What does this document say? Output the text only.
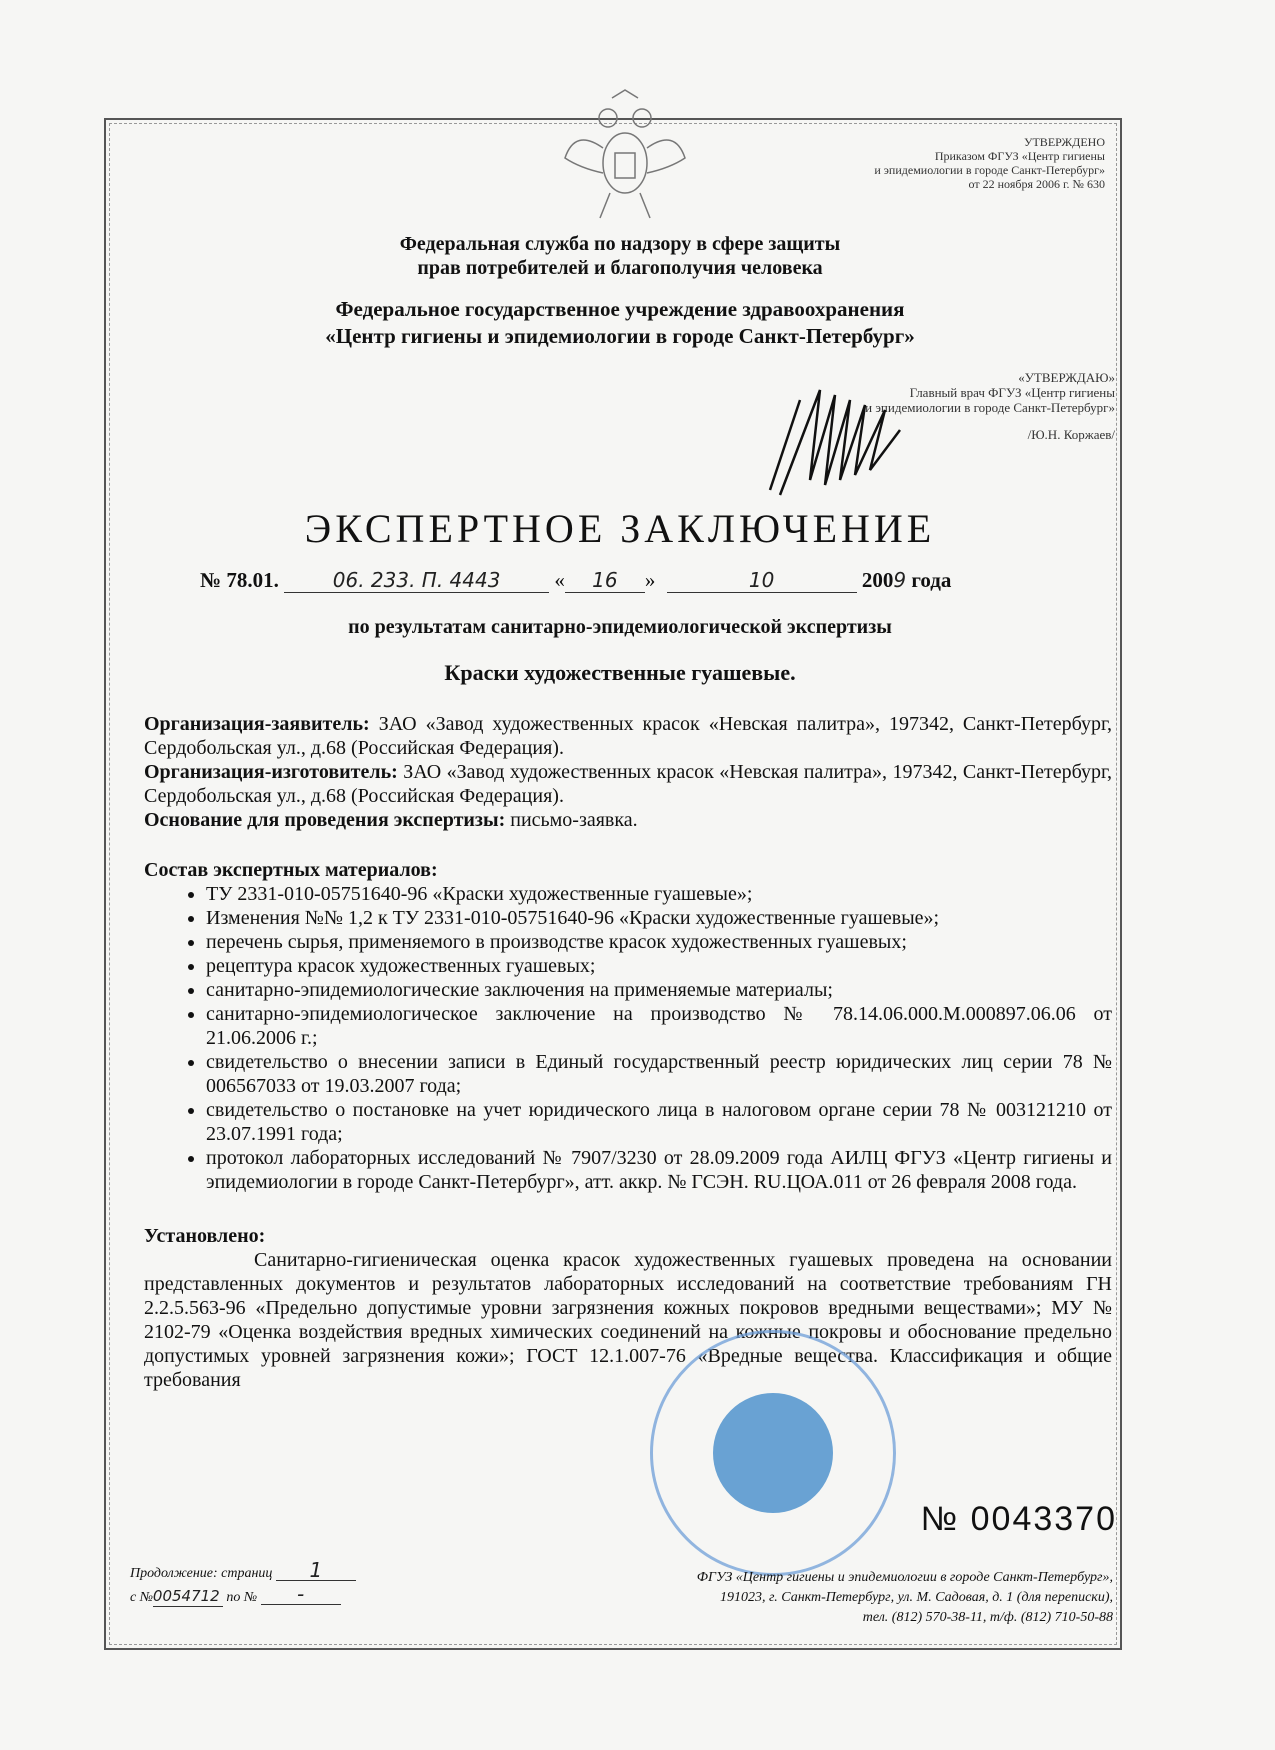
УТВЕРЖДЕНО
Приказом ФГУЗ «Центр гигиены
и эпидемиологии в городе Санкт-Петербург»
от 22 ноября 2006 г. № 630
Федеральная служба по надзору в сфере защиты
прав потребителей и благополучия человека
Федеральное государственное учреждение здравоохранения
«Центр гигиены и эпидемиологии в городе Санкт-Петербург»
«УТВЕРЖДАЮ»
Главный врач ФГУЗ «Центр гигиены
и эпидемиологии в городе Санкт-Петербург»
/Ю.Н. Коржаев/
ЭКСПЕРТНОЕ ЗАКЛЮЧЕНИЕ
№ 78.01.	06. 233. П. 4443 « 16 »	10	2009 года
по результатам санитарно-эпидемиологической экспертизы
Краски художественные гуашевые.
Организация-заявитель: ЗАО «Завод художественных красок «Невская палитра», 197342, Санкт-Петербург, Сердобольская ул., д.68 (Российская Федерация).
Организация-изготовитель: ЗАО «Завод художественных красок «Невская палитра», 197342, Санкт-Петербург, Сердобольская ул., д.68 (Российская Федерация).
Основание для проведения экспертизы: письмо-заявка.
Состав экспертных материалов:
• ТУ 2331-010-05751640-96 «Краски художественные гуашевые»;
• Изменения №№ 1,2 к ТУ 2331-010-05751640-96 «Краски художественные гуашевые»;
• перечень сырья, применяемого в производстве красок художественных гуашевых;
• рецептура красок художественных гуашевых;
• санитарно-эпидемиологические заключения на применяемые материалы;
• санитарно-эпидемиологическое заключение на производство № 78.14.06.000.М.000897.06.06 от 21.06.2006 г.;
• свидетельство о внесении записи в Единый государственный реестр юридических лиц серии 78 № 006567033 от 19.03.2007 года;
• свидетельство о постановке на учет юридического лица в налоговом органе серии 78 № 003121210 от 23.07.1991 года;
• протокол лабораторных исследований № 7907/3230 от 28.09.2009 года АИЛЦ ФГУЗ «Центр гигиены и эпидемиологии в городе Санкт-Петербург», атт. аккр. № ГСЭН. RU.ЦОА.011 от 26 февраля 2008 года.
Установлено:
Санитарно-гигиеническая оценка красок художественных гуашевых проведена на основании представленных документов и результатов лабораторных исследований на соответствие требованиям ГН 2.2.5.563-96 «Предельно допустимые уровни загрязнения кожных покровов вредными веществами»; МУ № 2102-79 «Оценка воздействия вредных химических соединений на кожные покровы и обоснование предельно допустимых уровней загрязнения кожи»; ГОСТ 12.1.007-76 «Вредные вещества. Классификация и общие требования
№ 0043370
Продолжение: страниц 1
с №0054712 по № -
ФГУЗ «Центр гигиены и эпидемиологии в городе Санкт-Петербург»,
191023, г. Санкт-Петербург, ул. М. Садовая, д. 1 (для переписки),
тел. (812) 570-38-11, т/ф. (812) 710-50-88
